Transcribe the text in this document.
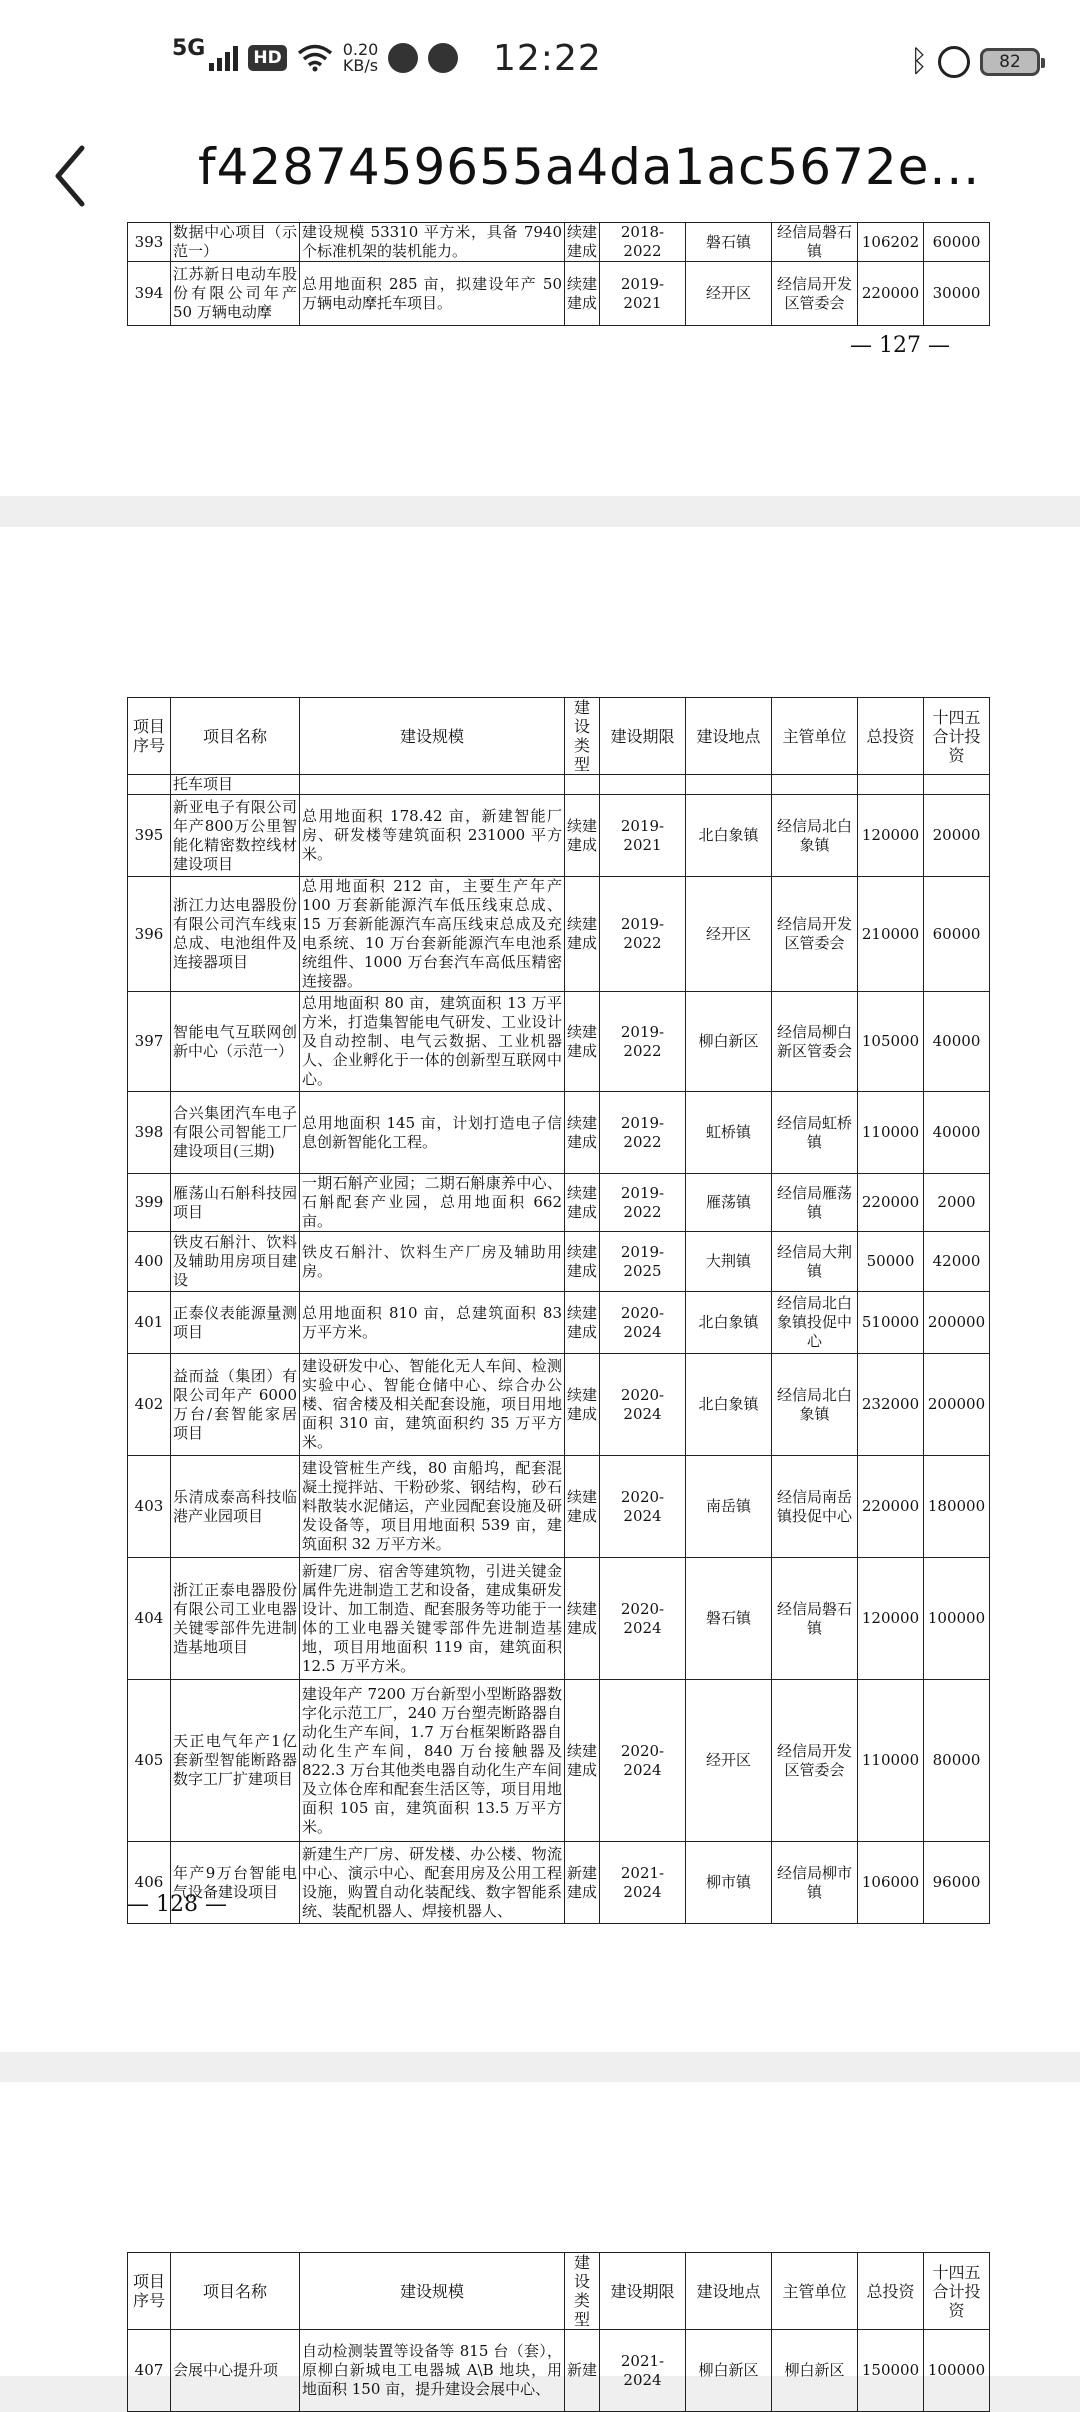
5G	HD	0.20
KB/s	12:22	ᛒ	82
f4287459655a4da1ac5672e...
393	数据中心项目（示范一）	建设规模 53310 平方米，具备 7940 个标准机架的装机能力。	续建建成	2018-2022	磐石镇	经信局磐石镇	106202	60000
394	江苏新日电动车股份有限公司年产 50 万辆电动摩	总用地面积 285 亩，拟建设年产 50 万辆电动摩托车项目。	续建建成	2019-2021	经开区	经信局开发区管委会	220000	30000
— 127 —
项目序号	项目名称	建设规模	建设类型	建设期限	建设地点	主管单位	总投资	十四五合计投资
	托车项目							
395	新亚电子有限公司年产800万公里智能化精密数控线材建设项目	总用地面积 178.42 亩，新建智能厂房、研发楼等建筑面积 231000 平方米。	续建建成	2019-2021	北白象镇	经信局北白象镇	120000	20000
396	浙江力达电器股份有限公司汽车线束总成、电池组件及连接器项目	总用地面积 212 亩，主要生产年产 100 万套新能源汽车低压线束总成、15 万套新能源汽车高压线束总成及充电系统、10 万台套新能源汽车电池系统组件、1000 万台套汽车高低压精密连接器。	续建建成	2019-2022	经开区	经信局开发区管委会	210000	60000
397	智能电气互联网创新中心（示范一）	总用地面积 80 亩，建筑面积 13 万平方米，打造集智能电气研发、工业设计及自动控制、电气云数据、工业机器人、企业孵化于一体的创新型互联网中心。	续建建成	2019-2022	柳白新区	经信局柳白新区管委会	105000	40000
398	合兴集团汽车电子有限公司智能工厂建设项目(三期)	总用地面积 145 亩，计划打造电子信息创新智能化工程。	续建建成	2019-2022	虹桥镇	经信局虹桥镇	110000	40000
399	雁荡山石斛科技园项目	一期石斛产业园；二期石斛康养中心、石斛配套产业园，总用地面积 662 亩。	续建建成	2019-2022	雁荡镇	经信局雁荡镇	220000	2000
400	铁皮石斛汁、饮料及辅助用房项目建设	铁皮石斛汁、饮料生产厂房及辅助用房。	续建建成	2019-2025	大荆镇	经信局大荆镇	50000	42000
401	正泰仪表能源量测项目	总用地面积 810 亩，总建筑面积 83 万平方米。	续建建成	2020-2024	北白象镇	经信局北白象镇投促中心	510000	200000
402	益而益（集团）有限公司年产 6000 万台/套智能家居项目	建设研发中心、智能化无人车间、检测实验中心、智能仓储中心、综合办公楼、宿舍楼及相关配套设施，项目用地面积 310 亩，建筑面积约 35 万平方米。	续建建成	2020-2024	北白象镇	经信局北白象镇	232000	200000
403	乐清成泰高科技临港产业园项目	建设管桩生产线，80 亩船坞，配套混凝土搅拌站、干粉砂浆、钢结构，砂石料散装水泥储运，产业园配套设施及研发设备等，项目用地面积 539 亩，建筑面积 32 万平方米。	续建建成	2020-2024	南岳镇	经信局南岳镇投促中心	220000	180000
404	浙江正泰电器股份有限公司工业电器关键零部件先进制造基地项目	新建厂房、宿舍等建筑物，引进关键金属件先进制造工艺和设备，建成集研发设计、加工制造、配套服务等功能于一体的工业电器关键零部件先进制造基地，项目用地面积 119 亩，建筑面积 12.5 万平方米。	续建建成	2020-2024	磐石镇	经信局磐石镇	120000	100000
405	天正电气年产1亿套新型智能断路器数字工厂扩建项目	建设年产 7200 万台新型小型断路器数字化示范工厂，240 万台塑壳断路器自动化生产车间，1.7 万台框架断路器自动化生产车间，840 万台接触器及 822.3 万台其他类电器自动化生产车间及立体仓库和配套生活区等，项目用地面积 105 亩，建筑面积 13.5 万平方米。	续建建成	2020-2024	经开区	经信局开发区管委会	110000	80000
406	年产9万台智能电气设备建设项目	新建生产厂房、研发楼、办公楼、物流中心、演示中心、配套用房及公用工程设施，购置自动化装配线、数字智能系统、装配机器人、焊接机器人、	新建建成	2021-2024	柳市镇	经信局柳市镇	106000	96000
— 128 —
项目序号	项目名称	建设规模	建设类型	建设期限	建设地点	主管单位	总投资	十四五合计投资
407	会展中心提升项	自动检测装置等设备等 815 台（套），原柳白新城电工电器城 A\B 地块，用地面积 150 亩，提升建设会展中心、	新建	2021-2024	柳白新区	柳白新区	150000	100000
